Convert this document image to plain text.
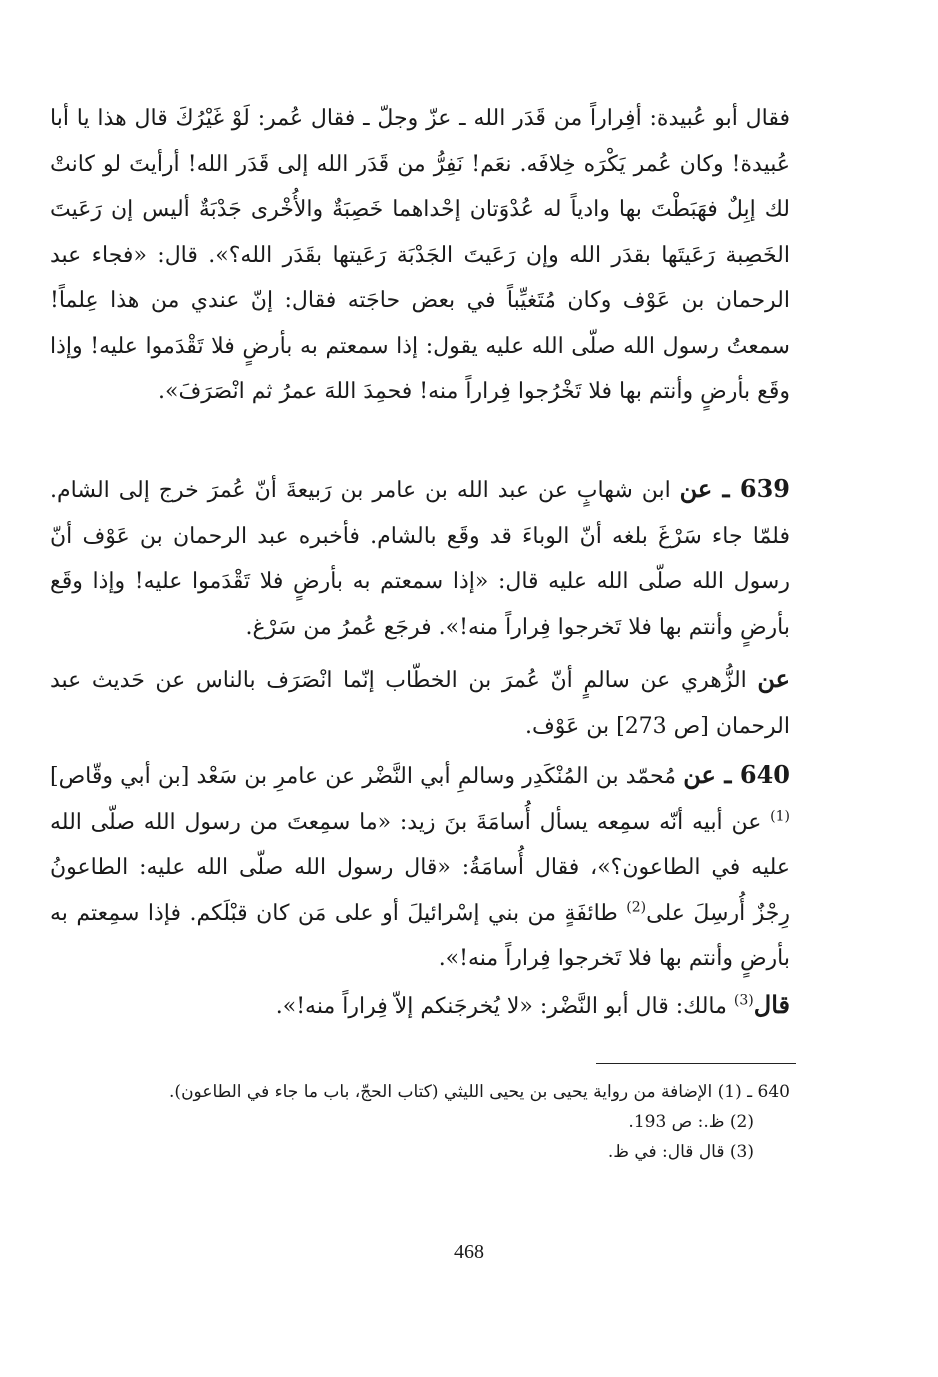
فقال أبو عُبيدة: أفِراراً من قَدَر الله ـ عزّ وجلّ ـ فقال عُمر: لَوْ غَيْرُكَ قال هذا يا أبا عُبيدة! وكان عُمر يَكْرَه خِلافَه. نعَم! نَفِرُّ من قَدَر الله إلى قَدَر الله! أرأيتَ لو كانتْ لك إبِلٌ فهَبَطْتَ بها وادياً له عُدْوَتان إحْداهما خَصِبَةٌ والأُخْرى جَدْبَةٌ أليس إن رَعَيتَ الخَصِبة رَعَيتَها بقدَر الله وإن رَعَيتَ الجَدْبَة رَعَيتها بقَدَر الله؟». قال: «فجاء عبد الرحمان بن عَوْف وكان مُتَغيِّباً في بعض حاجَته فقال: إنّ عندي من هذا عِلماً! سمعتُ رسول الله صلّى الله عليه يقول: إذا سمعتم به بأرضٍ فلا تَقْدَموا عليه! وإذا وقَع بأرضٍ وأنتم بها فلا تَخْرُجوا فِراراً منه! فحمِدَ اللهَ عمرُ ثم انْصَرَفَ».

639 ـ عن ابن شهابٍ عن عبد الله بن عامر بن رَبيعةَ أنّ عُمرَ خرج إلى الشام. فلمّا جاء سَرْغَ بلغه أنّ الوباءَ قد وقَع بالشام. فأخبره عبد الرحمان بن عَوْف أنّ رسول الله صلّى الله عليه قال: «إذا سمعتم به بأرضٍ فلا تَقْدَموا عليه! وإذا وقَع بأرضٍ وأنتم بها فلا تَخرجوا فِراراً منه!». فرجَع عُمرُ من سَرْغ.

عن الزُّهري عن سالمٍ أنّ عُمرَ بن الخطّاب إنّما انْصَرَف بالناس عن حَديث عبد الرحمان [ص 273] بن عَوْف.

640 ـ عن مُحمّد بن المُنْكَدِر وسالمِ أبي النَّضْر عن عامرِ بن سَعْد [بن أبي وقّاص]$^{(1)}$ عن أبيه أنّه سمِعه يسأل أُسامَةَ بنَ زيد: «ما سمِعتَ من رسول الله صلّى الله عليه في الطاعون؟»، فقال أُسامَةُ: «قال رسول الله صلّى الله عليه: الطاعونُ رِجْزٌ أُرسِلَ على$^{(2)}$ طائفَةٍ من بني إسْرائيلَ أو على مَن كان قبْلَكم. فإذا سمِعتم به بأرضٍ وأنتم بها فلا تَخرجوا فِراراً منه!».

قال$^{(3)}$ مالك: قال أبو النَّضْر: «لا يُخرجَنكم إلاّ فِراراً منه!».

640 ـ (1) الإضافة من رواية يحيى بن يحيى الليثي (كتاب الحجّ، باب ما جاء في الطاعون).

(2) ظ.: ص 193.

(3) قال قال: في ظ.

468
